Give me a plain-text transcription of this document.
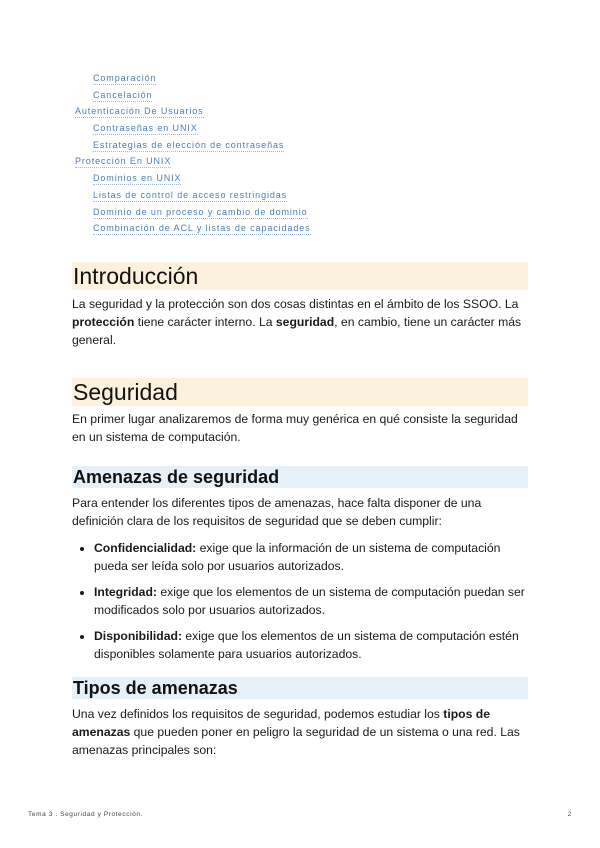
Comparación
Cancelación
Autenticación De Usuarios
Contraseñas en UNIX
Estrategias de elección de contraseñas
Protección En UNIX
Dominios en UNIX
Listas de control de acceso restringidas
Dominio de un proceso y cambio de dominio
Combinación de ACL y listas de capacidades
Introducción

La seguridad y la protección son dos cosas distintas en el ámbito de los SSOO. La protección tiene carácter interno. La seguridad, en cambio, tiene un carácter más general.

Seguridad

En primer lugar analizaremos de forma muy genérica en qué consiste la seguridad en un sistema de computación.

Amenazas de seguridad

Para entender los diferentes tipos de amenazas, hace falta disponer de una definición clara de los requisitos de seguridad que se deben cumplir:

• Confidencialidad: exige que la información de un sistema de computación pueda ser leída solo por usuarios autorizados.
• Integridad: exige que los elementos de un sistema de computación puedan ser modificados solo por usuarios autorizados.
• Disponibilidad: exige que los elementos de un sistema de computación estén disponibles solamente para usuarios autorizados.
Tipos de amenazas

Una vez definidos los requisitos de seguridad, podemos estudiar los tipos de amenazas que pueden poner en peligro la seguridad de un sistema o una red. Las amenazas principales son:

Tema 3 . Seguridad y Protección.	2
